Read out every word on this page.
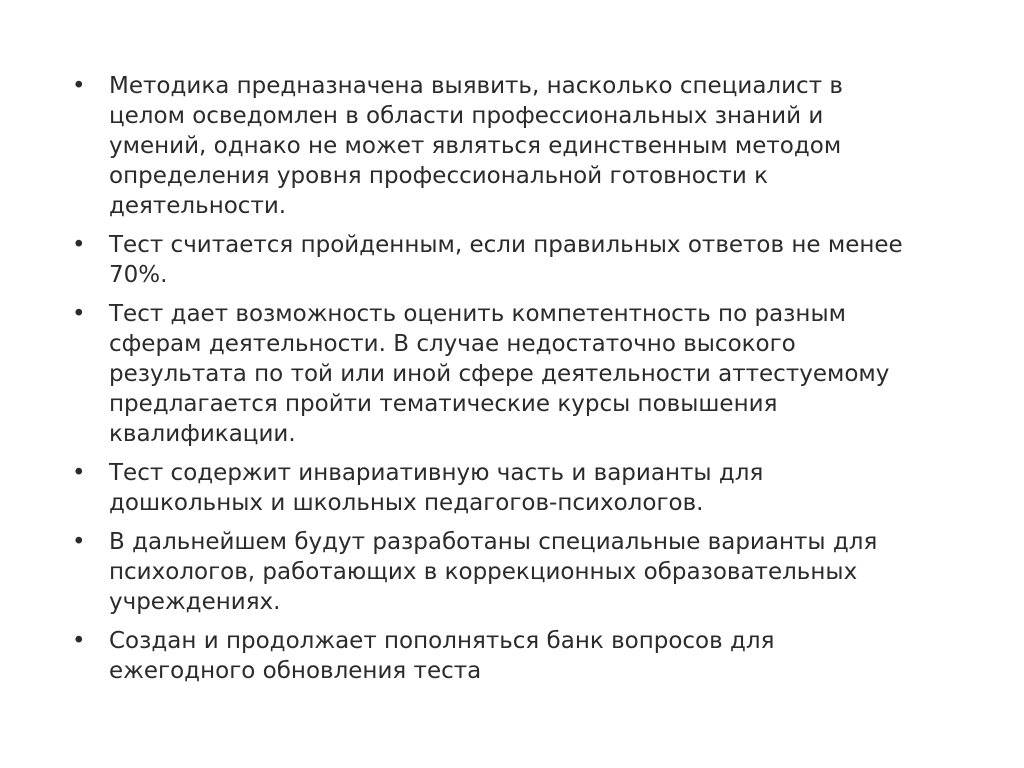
• Методика предназначена выявить, насколько специалист в
целом осведомлен в области профессиональных знаний и
умений, однако не может являться единственным методом
определения уровня профессиональной готовности к
деятельности.
• Тест считается пройденным, если правильных ответов не менее
70%.
• Тест дает возможность оценить компетентность по разным
сферам деятельности. В случае недостаточно высокого
результата по той или иной сфере деятельности аттестуемому
предлагается пройти тематические курсы повышения
квалификации.
• Тест содержит инвариативную часть и варианты для
дошкольных и школьных педагогов-психологов.
• В дальнейшем будут разработаны специальные варианты для
психологов, работающих в коррекционных образовательных
учреждениях.
• Создан и продолжает пополняться банк вопросов для
ежегодного обновления теста
